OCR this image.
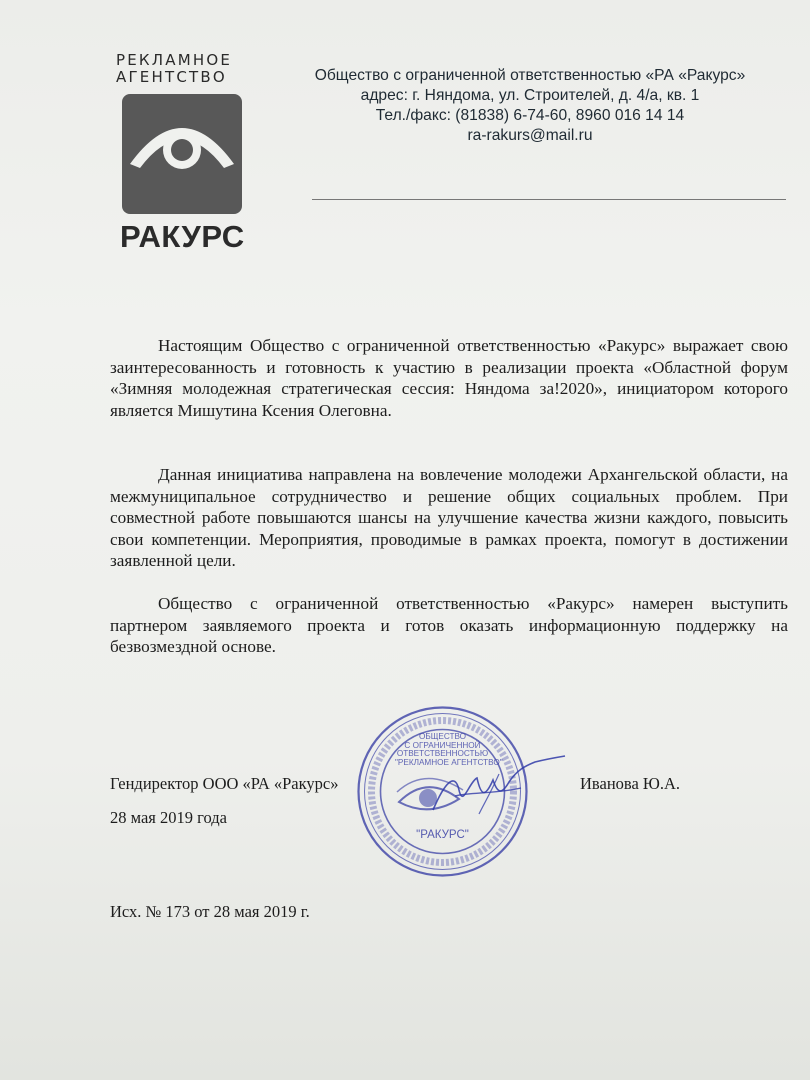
РЕКЛАМНОЕ
АГЕНТСТВО
РАКУРС
Общество с ограниченной ответственностью «РА «Ракурс»
адрес: г. Няндома, ул. Строителей, д. 4/а, кв. 1
Тел./факс: (81838) 6-74-60, 8960 016 14 14
ra-rakurs@mail.ru
Настоящим Общество с ограниченной ответственностью «Ракурс» выражает свою заинтересованность и готовность к участию в реализации проекта «Областной форум «Зимняя молодежная стратегическая сессия: Няндома за!2020», инициатором которого является Мишутина Ксения Олеговна.
Данная инициатива направлена на вовлечение молодежи Архангельской области, на межмуниципальное сотрудничество и решение общих социальных проблем. При совместной работе повышаются шансы на улучшение качества жизни каждого, повысить свои компетенции. Мероприятия, проводимые в рамках проекта, помогут в достижении заявленной цели.
Общество с ограниченной ответственностью «Ракурс» намерен выступить партнером заявляемого проекта и готов оказать информационную поддержку на безвозмездной основе.
ОБЩЕСТВО
С ОГРАНИЧЕННОЙ
ОТВЕТСТВЕННОСТЬЮ
"РЕКЛАМНОЕ АГЕНТСТВО"
"РАКУРС"
Гендиректор ООО «РА «Ракурс»	Иванова Ю.А.
28 мая 2019 года
Исх. № 173 от 28 мая 2019 г.
